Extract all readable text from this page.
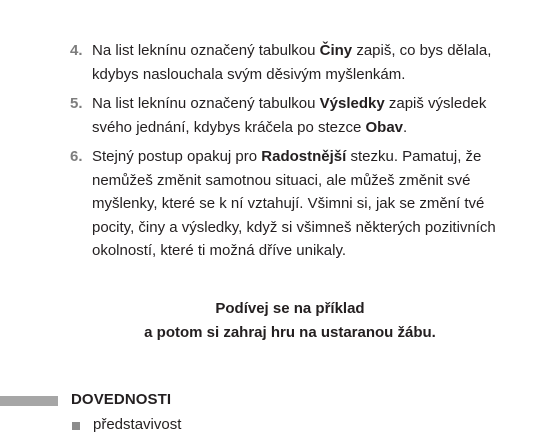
4. Na list leknínu označený tabulkou Činy zapiš, co bys dělala, kdybys naslouchala svým děsivým myšlenkám.
5. Na list leknínu označený tabulkou Výsledky zapiš výsledek svého jednání, kdybys kráčela po stezce Obav.
6. Stejný postup opakuj pro Radostnější stezku. Pamatuj, že nemůžeš změnit samotnou situaci, ale můžeš změnit své myšlenky, které se k ní vztahují. Všimni si, jak se změní tvé pocity, činy a výsledky, když si všimneš některých pozitivních okolností, které ti možná dříve unikaly.
Podívej se na příklad
a potom si zahraj hru na ustaranou žábu.
DOVEDNOSTI
představivost
